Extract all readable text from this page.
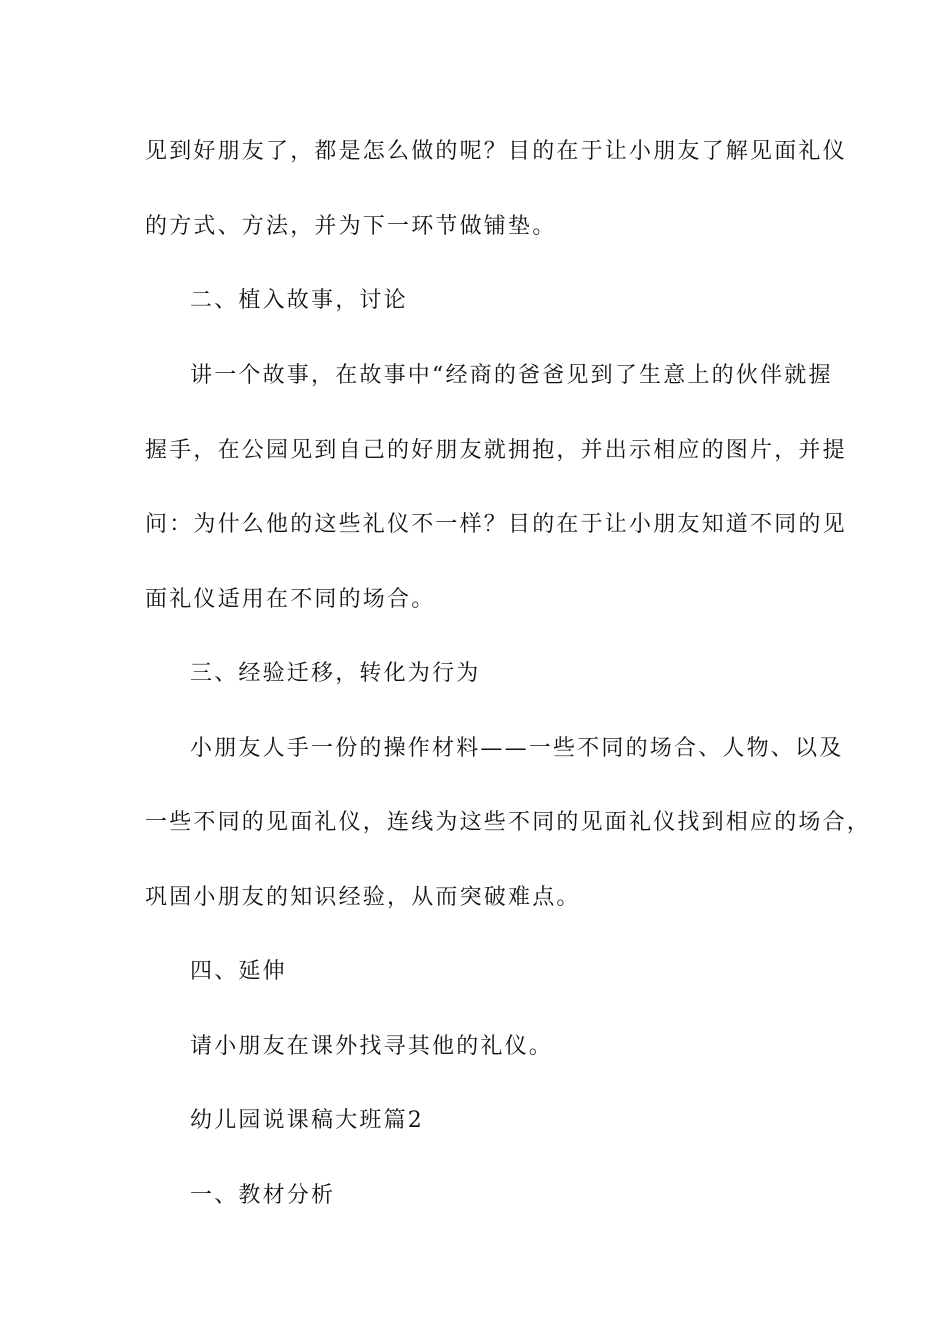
见到好朋友了，都是怎么做的呢？目的在于让小朋友了解见面礼仪
的方式、方法，并为下一环节做铺垫。
二、植入故事，讨论
讲一个故事，在故事中“经商的爸爸见到了生意上的伙伴就握
握手，在公园见到自己的好朋友就拥抱，并出示相应的图片，并提
问：为什么他的这些礼仪不一样？目的在于让小朋友知道不同的见
面礼仪适用在不同的场合。
三、经验迁移，转化为行为
小朋友人手一份的操作材料——一些不同的场合、人物、以及
一些不同的见面礼仪，连线为这些不同的见面礼仪找到相应的场合，
巩固小朋友的知识经验，从而突破难点。
四、延伸
请小朋友在课外找寻其他的礼仪。
幼儿园说课稿大班篇2
一、教材分析
